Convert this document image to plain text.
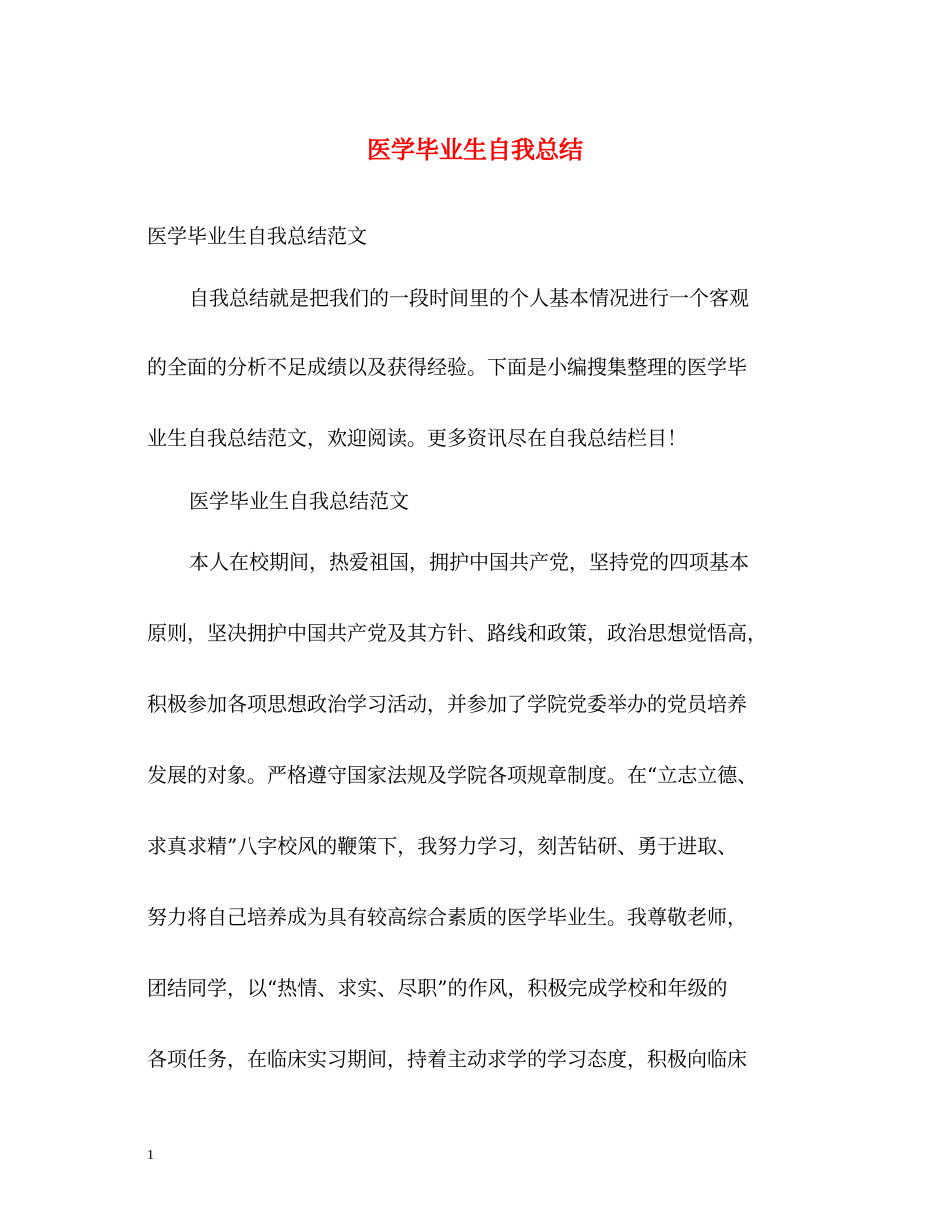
医学毕业生自我总结
医学毕业生自我总结范文
自我总结就是把我们的一段时间里的个人基本情况进行一个客观
的全面的分析不足成绩以及获得经验。下面是小编搜集整理的医学毕
业生自我总结范文，欢迎阅读。更多资讯尽在自我总结栏目！
医学毕业生自我总结范文
本人在校期间，热爱祖国，拥护中国共产党，坚持党的四项基本
原则，坚决拥护中国共产党及其方针、路线和政策，政治思想觉悟高，
积极参加各项思想政治学习活动，并参加了学院党委举办的党员培养
发展的对象。严格遵守国家法规及学院各项规章制度。在“立志立德、
求真求精”八字校风的鞭策下，我努力学习，刻苦钻研、勇于进取、
努力将自己培养成为具有较高综合素质的医学毕业生。我尊敬老师，
团结同学，以“热情、求实、尽职”的作风，积极完成学校和年级的
各项任务，在临床实习期间，持着主动求学的学习态度，积极向临床
1
